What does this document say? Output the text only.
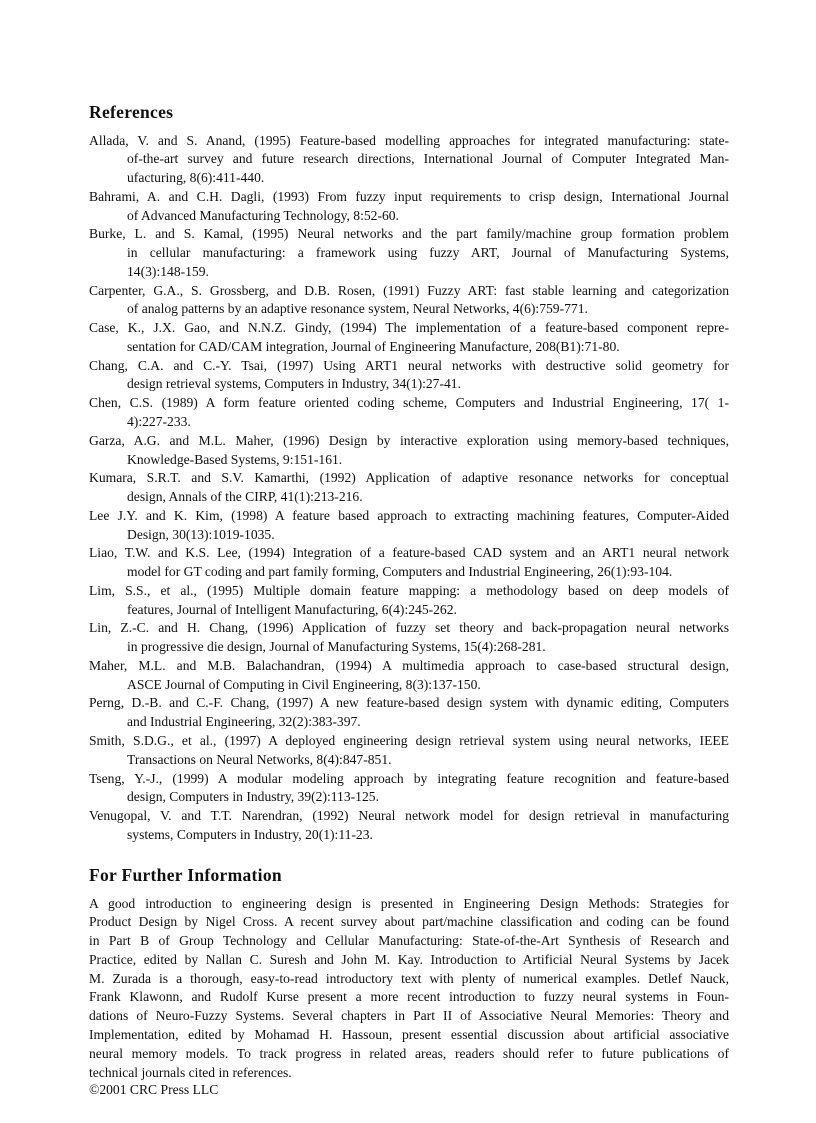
References
Allada, V. and S. Anand, (1995) Feature-based modelling approaches for integrated manufacturing: state-
of-the-art survey and future research directions, International Journal of Computer Integrated Man-
ufacturing, 8(6):411-440.
Bahrami, A. and C.H. Dagli, (1993) From fuzzy input requirements to crisp design, International Journal
of Advanced Manufacturing Technology, 8:52-60.
Burke, L. and S. Kamal, (1995) Neural networks and the part family/machine group formation problem
in cellular manufacturing: a framework using fuzzy ART, Journal of Manufacturing Systems,
14(3):148-159.
Carpenter, G.A., S. Grossberg, and D.B. Rosen, (1991) Fuzzy ART: fast stable learning and categorization
of analog patterns by an adaptive resonance system, Neural Networks, 4(6):759-771.
Case, K., J.X. Gao, and N.N.Z. Gindy, (1994) The implementation of a feature-based component repre-
sentation for CAD/CAM integration, Journal of Engineering Manufacture, 208(B1):71-80.
Chang, C.A. and C.-Y. Tsai, (1997) Using ART1 neural networks with destructive solid geometry for
design retrieval systems, Computers in Industry, 34(1):27-41.
Chen, C.S. (1989) A form feature oriented coding scheme, Computers and Industrial Engineering, 17( 1-
4):227-233.
Garza, A.G. and M.L. Maher, (1996) Design by interactive exploration using memory-based techniques,
Knowledge-Based Systems, 9:151-161.
Kumara, S.R.T. and S.V. Kamarthi, (1992) Application of adaptive resonance networks for conceptual
design, Annals of the CIRP, 41(1):213-216.
Lee J.Y. and K. Kim, (1998) A feature based approach to extracting machining features, Computer-Aided
Design, 30(13):1019-1035.
Liao, T.W. and K.S. Lee, (1994) Integration of a feature-based CAD system and an ART1 neural network
model for GT coding and part family forming, Computers and Industrial Engineering, 26(1):93-104.
Lim, S.S., et al., (1995) Multiple domain feature mapping: a methodology based on deep models of
features, Journal of Intelligent Manufacturing, 6(4):245-262.
Lin, Z.-C. and H. Chang, (1996) Application of fuzzy set theory and back-propagation neural networks
in progressive die design, Journal of Manufacturing Systems, 15(4):268-281.
Maher, M.L. and M.B. Balachandran, (1994) A multimedia approach to case-based structural design,
ASCE Journal of Computing in Civil Engineering, 8(3):137-150.
Perng, D.-B. and C.-F. Chang, (1997) A new feature-based design system with dynamic editing, Computers
and Industrial Engineering, 32(2):383-397.
Smith, S.D.G., et al., (1997) A deployed engineering design retrieval system using neural networks, IEEE
Transactions on Neural Networks, 8(4):847-851.
Tseng, Y.-J., (1999) A modular modeling approach by integrating feature recognition and feature-based
design, Computers in Industry, 39(2):113-125.
Venugopal, V. and T.T. Narendran, (1992) Neural network model for design retrieval in manufacturing
systems, Computers in Industry, 20(1):11-23.
For Further Information
A good introduction to engineering design is presented in Engineering Design Methods: Strategies for
Product Design by Nigel Cross. A recent survey about part/machine classification and coding can be found
in Part B of Group Technology and Cellular Manufacturing: State-of-the-Art Synthesis of Research and
Practice, edited by Nallan C. Suresh and John M. Kay. Introduction to Artificial Neural Systems by Jacek
M. Zurada is a thorough, easy-to-read introductory text with plenty of numerical examples. Detlef Nauck,
Frank Klawonn, and Rudolf Kurse present a more recent introduction to fuzzy neural systems in Foun-
dations of Neuro-Fuzzy Systems. Several chapters in Part II of Associative Neural Memories: Theory and
Implementation, edited by Mohamad H. Hassoun, present essential discussion about artificial associative
neural memory models. To track progress in related areas, readers should refer to future publications of
technical journals cited in references.
©2001 CRC Press LLC
